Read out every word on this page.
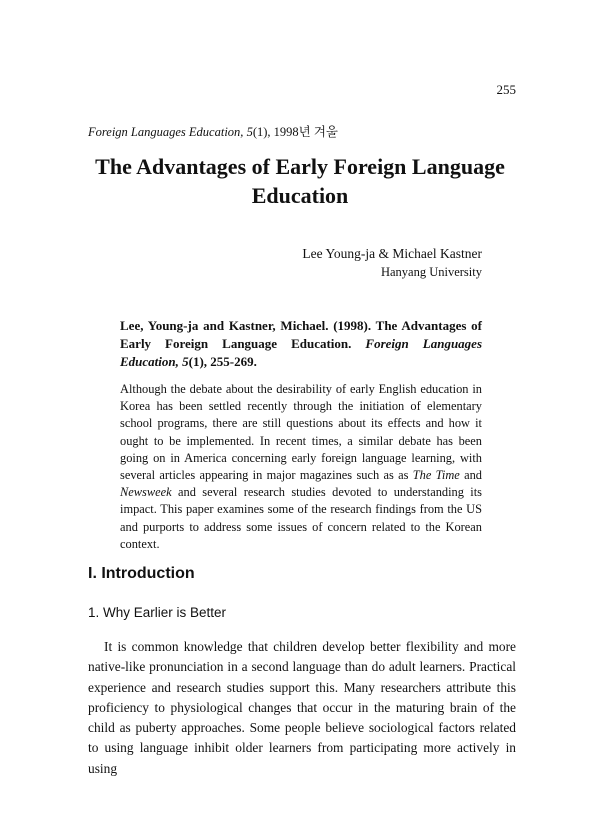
255
Foreign Languages Education, 5(1), 1998년 겨울
The Advantages of Early Foreign Language Education
Lee Young-ja & Michael Kastner
Hanyang University
Lee, Young-ja and Kastner, Michael. (1998). The Advantages of Early Foreign Language Education. Foreign Languages Education, 5(1), 255-269.
Although the debate about the desirability of early English education in Korea has been settled recently through the initiation of elementary school programs, there are still questions about its effects and how it ought to be implemented. In recent times, a similar debate has been going on in America concerning early foreign language learning, with several articles appearing in major magazines such as as The Time and Newsweek and several research studies devoted to understanding its impact. This paper examines some of the research findings from the US and purports to address some issues of concern related to the Korean context.
I. Introduction
1. Why Earlier is Better
It is common knowledge that children develop better flexibility and more native-like pronunciation in a second language than do adult learners. Practical experience and research studies support this. Many researchers attribute this proficiency to physiological changes that occur in the maturing brain of the child as puberty approaches. Some people believe sociological factors related to using language inhibit older learners from participating more actively in using
